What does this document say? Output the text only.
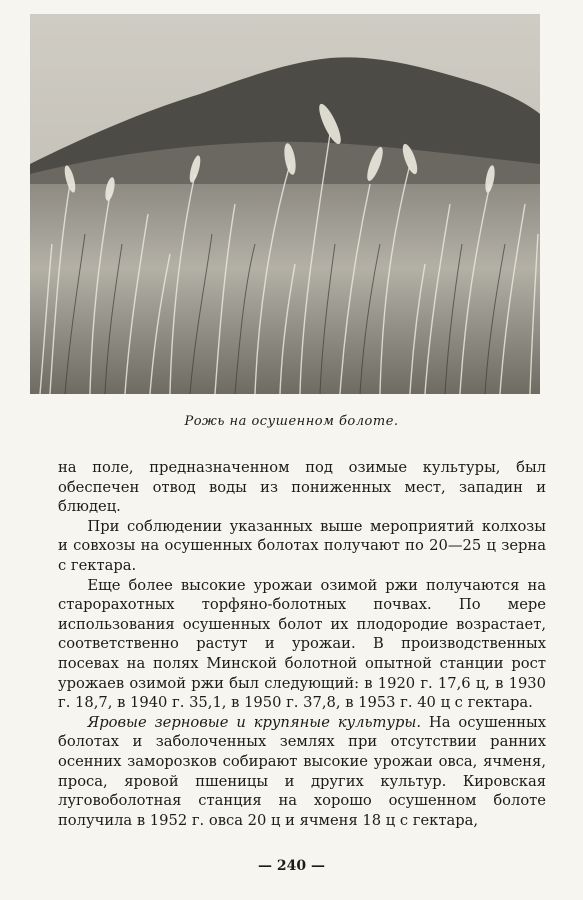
Рожь на осушенном болоте.

на поле, предназначенном под озимые культуры, был обеспечен отвод воды из пониженных мест, западин и блюдец.

При соблюдении указанных выше мероприятий колхозы и совхозы на осушенных болотах получают по 20—25 ц зерна с гектара.

Еще более высокие урожаи озимой ржи получаются на староpахотных торфяно-болотных почвах. По мере использования осушенных болот их плодородие возрастает, соответственно растут и урожаи. В производственных посевах на полях Минской болотной опытной станции рост урожаев озимой ржи был следующий: в 1920 г. 17,6 ц, в 1930 г. 18,7, в 1940 г. 35,1, в 1950 г. 37,8, в 1953 г. 40 ц с гектара.

Яровые зерновые и крупяные культуры. На осушенных болотах и заболоченных землях при отсутствии ранних осенних заморозков собирают высокие урожаи овса, ячменя, проса, яровой пшеницы и других культур. Кировская луговоболотная станция на хорошо осушенном болоте получила в 1952 г. овса 20 ц и ячменя 18 ц с гектара,

— 240 —
